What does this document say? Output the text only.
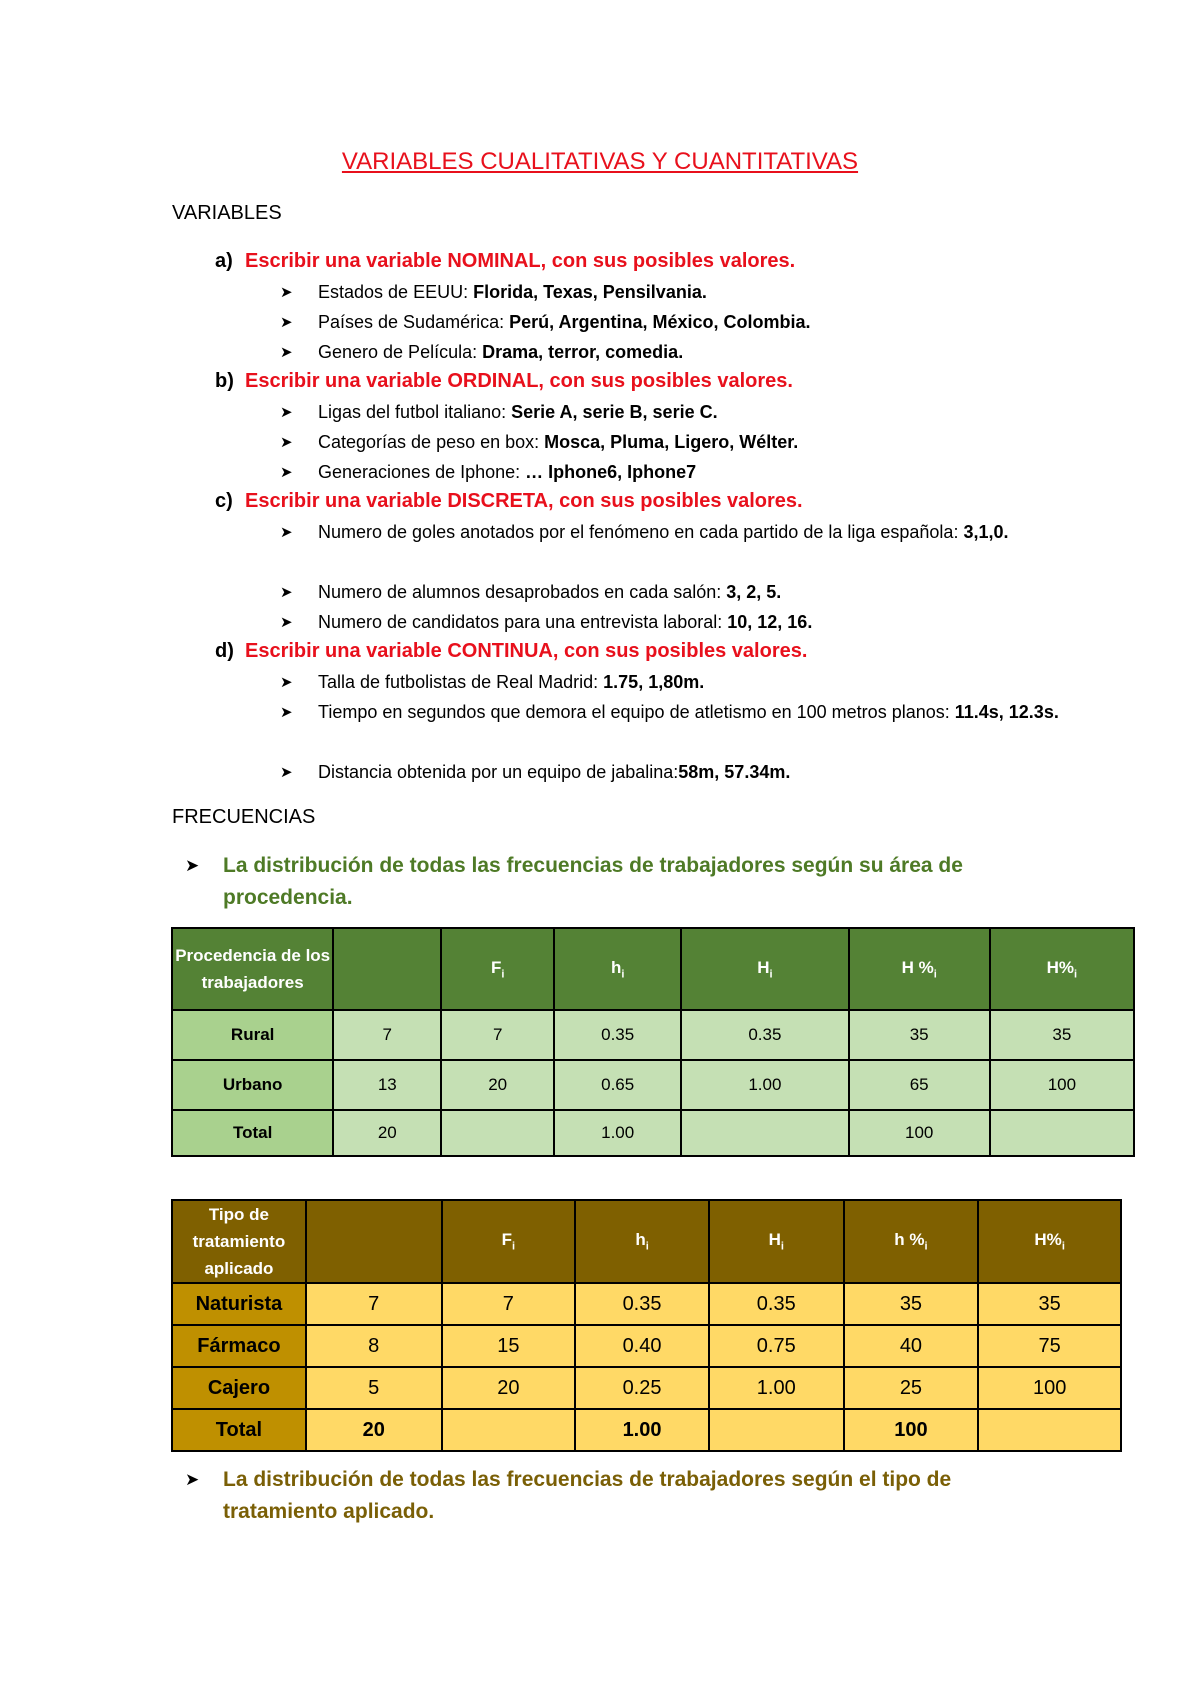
VARIABLES CUALITATIVAS Y CUANTITATIVAS
VARIABLES
a) Escribir una variable NOMINAL, con sus posibles valores.
➤ Estados de EEUU: Florida, Texas, Pensilvania.
➤ Países de Sudamérica: Perú, Argentina, México, Colombia.
➤ Genero de Película: Drama, terror, comedia.
b) Escribir una variable ORDINAL, con sus posibles valores.
➤ Ligas del futbol italiano: Serie A, serie B, serie C.
➤ Categorías de peso en box: Mosca, Pluma, Ligero, Wélter.
➤ Generaciones de Iphone: … Iphone6, Iphone7
c) Escribir una variable DISCRETA, con sus posibles valores.
➤ Numero de goles anotados por el fenómeno en cada partido de la liga española: 3,1,0.
➤ Numero de alumnos desaprobados en cada salón: 3, 2, 5.
➤ Numero de candidatos para una entrevista laboral: 10, 12, 16.
d) Escribir una variable CONTINUA, con sus posibles valores.
➤ Talla de futbolistas de Real Madrid: 1.75, 1,80m.
➤ Tiempo en segundos que demora el equipo de atletismo en 100 metros planos: 11.4s, 12.3s.
➤ Distancia obtenida por un equipo de jabalina:58m, 57.34m.
FRECUENCIAS
➤ La distribución de todas las frecuencias de trabajadores según su área de procedencia.
Procedencia de los trabajadores		$F_i$	$h_i$	$H_i$	H $\%_i$	$H\%_i$
Rural	7	7	0.35	0.35	35	35
Urbano	13	20	0.65	1.00	65	100
Total	20		1.00		100	
Tipo de tratamiento aplicado		$F_i$	$h_i$	$H_i$	h $\%_i$	$H\%_i$
Naturista	7	7	0.35	0.35	35	35
Fármaco	8	15	0.40	0.75	40	75
Cajero	5	20	0.25	1.00	25	100
Total	20		1.00		100	
➤ La distribución de todas las frecuencias de trabajadores según el tipo de tratamiento aplicado.
